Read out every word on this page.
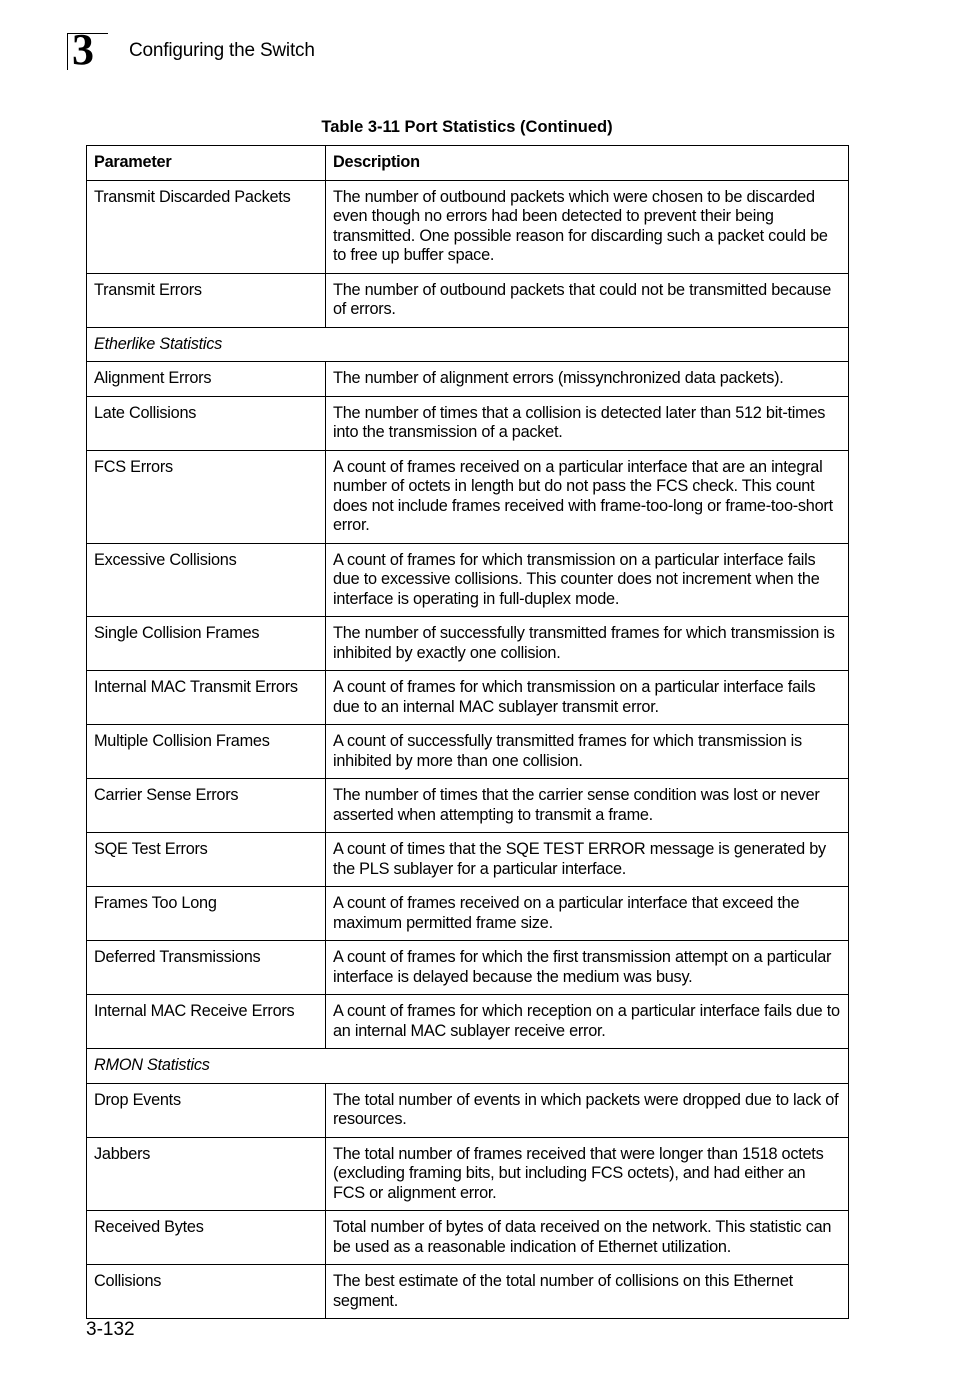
3 Configuring the Switch
Table 3-11 Port Statistics (Continued)
Parameter	Description
Transmit Discarded Packets	The number of outbound packets which were chosen to be discarded even though no errors had been detected to prevent their being transmitted. One possible reason for discarding such a packet could be to free up buffer space.
Transmit Errors	The number of outbound packets that could not be transmitted because of errors.
Etherlike Statistics	
Alignment Errors	The number of alignment errors (missynchronized data packets).
Late Collisions	The number of times that a collision is detected later than 512 bit-times into the transmission of a packet.
FCS Errors	A count of frames received on a particular interface that are an integral number of octets in length but do not pass the FCS check. This count does not include frames received with frame-too-long or frame-too-short error.
Excessive Collisions	A count of frames for which transmission on a particular interface fails due to excessive collisions. This counter does not increment when the interface is operating in full-duplex mode.
Single Collision Frames	The number of successfully transmitted frames for which transmission is inhibited by exactly one collision.
Internal MAC Transmit Errors	A count of frames for which transmission on a particular interface fails due to an internal MAC sublayer transmit error.
Multiple Collision Frames	A count of successfully transmitted frames for which transmission is inhibited by more than one collision.
Carrier Sense Errors	The number of times that the carrier sense condition was lost or never asserted when attempting to transmit a frame.
SQE Test Errors	A count of times that the SQE TEST ERROR message is generated by the PLS sublayer for a particular interface.
Frames Too Long	A count of frames received on a particular interface that exceed the maximum permitted frame size.
Deferred Transmissions	A count of frames for which the first transmission attempt on a particular interface is delayed because the medium was busy.
Internal MAC Receive Errors	A count of frames for which reception on a particular interface fails due to an internal MAC sublayer receive error.
RMON Statistics	
Drop Events	The total number of events in which packets were dropped due to lack of resources.
Jabbers	The total number of frames received that were longer than 1518 octets (excluding framing bits, but including FCS octets), and had either an FCS or alignment error.
Received Bytes	Total number of bytes of data received on the network. This statistic can be used as a reasonable indication of Ethernet utilization.
Collisions	The best estimate of the total number of collisions on this Ethernet segment.
3-132
